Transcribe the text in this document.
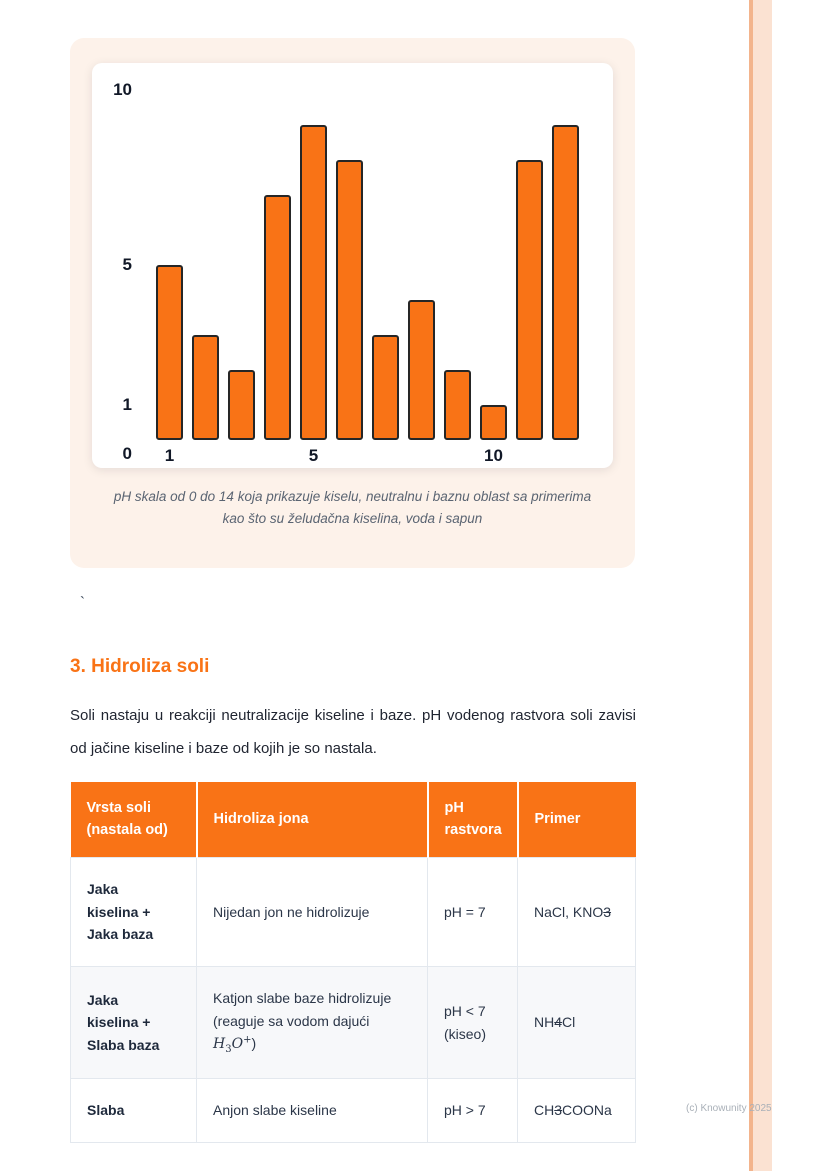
1	5	10
0
1
5
10
pH skala od 0 do 14 koja prikazuje kiselu, neutralnu i baznu oblast sa primerima kao što su želudačna kiselina, voda i sapun
`
3. Hidroliza soli

Soli nastaju u reakciji neutralizacije kiseline i baze. pH vodenog rastvora soli zavisi od jačine kiseline i baze od kojih je so nastala.

Vrsta soli (nastala od)	Hidroliza jona	pH rastvora	Primer
Jaka
kiselina +
Jaka baza	Nijedan jon ne hidrolizuje	pH = 7	NaCl, KNO3
Jaka
kiselina +
Slaba baza	Katjon slabe baze hidrolizuje (reaguje sa vodom dajući $H_3O^+$)	pH < 7 (kiseo)	NH4Cl
Slaba	Anjon slabe kiseline	pH > 7	CH3COONa	(c) Knowunity 2025
